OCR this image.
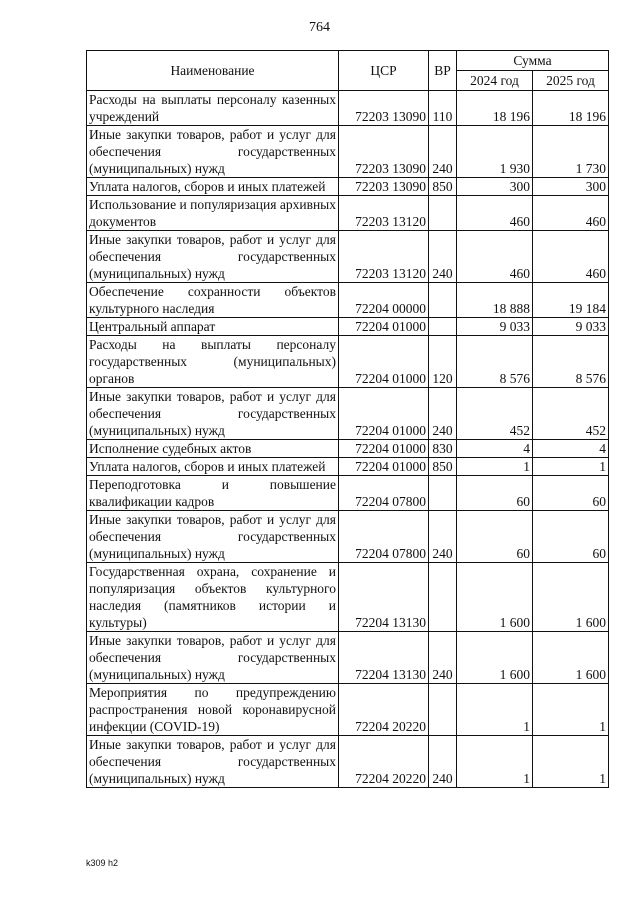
764
Наименование	ЦСР	ВР	Сумма	
			2024 год	2025 год
Расходы на выплаты персоналу казенных учреждений	72203 13090	110	18 196	18 196
Иные закупки товаров, работ и услуг для обеспечения государственных (муниципальных) нужд	72203 13090	240	1 930	1 730
Уплата налогов, сборов и иных платежей	72203 13090	850	300	300
Использование и популяризация архивных документов	72203 13120		460	460
Иные закупки товаров, работ и услуг для обеспечения государственных (муниципальных) нужд	72203 13120	240	460	460
Обеспечение сохранности объектов культурного наследия	72204 00000		18 888	19 184
Центральный аппарат	72204 01000		9 033	9 033
Расходы на выплаты персоналу государственных (муниципальных) органов	72204 01000	120	8 576	8 576
Иные закупки товаров, работ и услуг для обеспечения государственных (муниципальных) нужд	72204 01000	240	452	452
Исполнение судебных актов	72204 01000	830	4	4
Уплата налогов, сборов и иных платежей	72204 01000	850	1	1
Переподготовка и повышение квалификации кадров	72204 07800		60	60
Иные закупки товаров, работ и услуг для обеспечения государственных (муниципальных) нужд	72204 07800	240	60	60
Государственная охрана, сохранение и популяризация объектов культурного наследия (памятников истории и культуры)	72204 13130		1 600	1 600
Иные закупки товаров, работ и услуг для обеспечения государственных (муниципальных) нужд	72204 13130	240	1 600	1 600
Мероприятия по предупреждению распространения новой коронавирусной инфекции (COVID-19)	72204 20220		1	1
Иные закупки товаров, работ и услуг для обеспечения государственных (муниципальных) нужд	72204 20220	240	1	1
k309 h2
